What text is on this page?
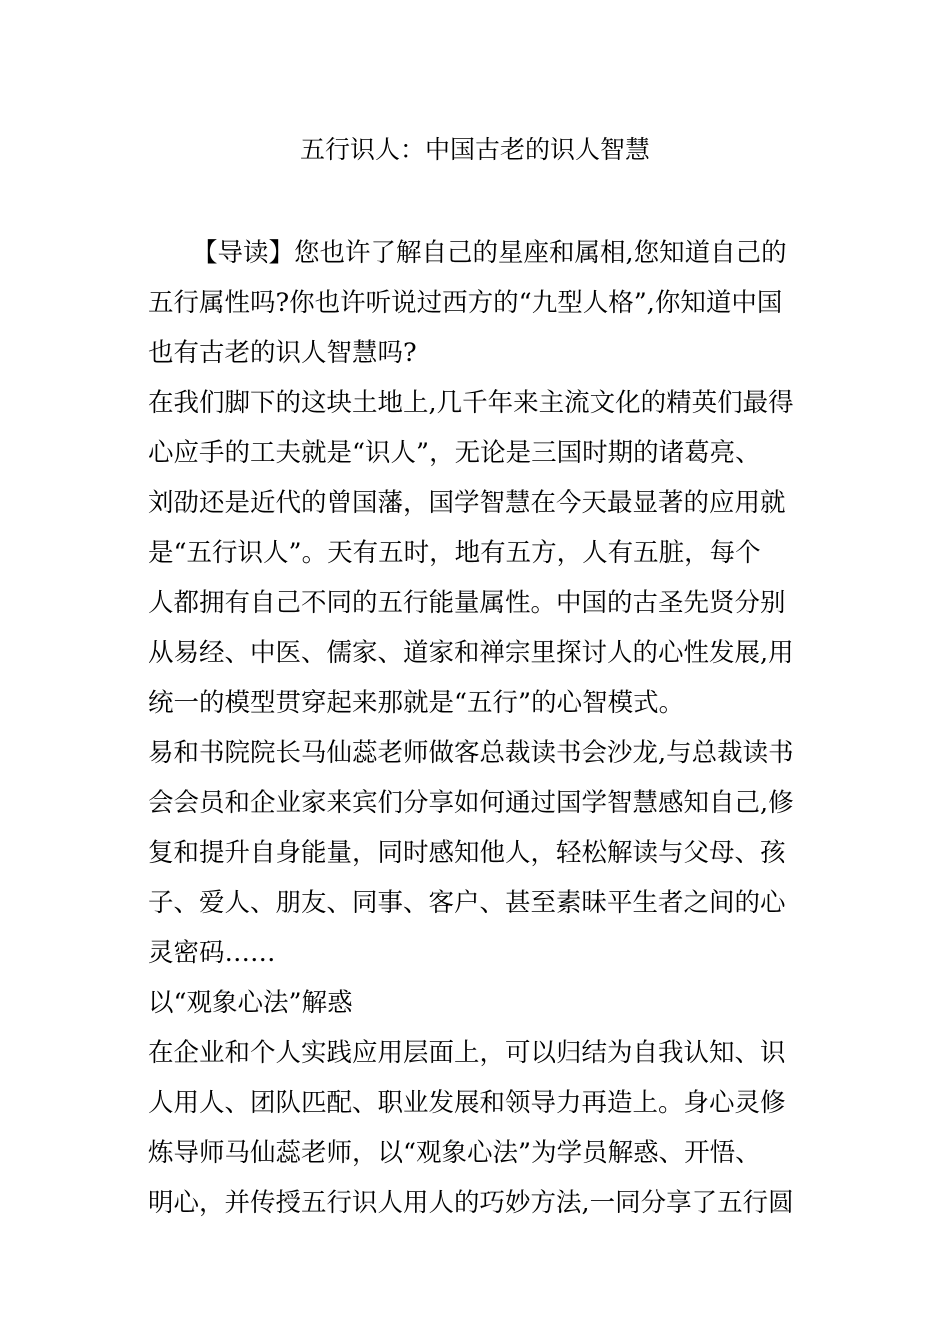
五行识人：中国古老的识人智慧
【导读】您也许了解自己的星座和属相,您知道自己的
五行属性吗?你也许听说过西方的“九型人格”,你知道中国
也有古老的识人智慧吗?
在我们脚下的这块土地上,几千年来主流文化的精英们最得
心应手的工夫就是“识人”，无论是三国时期的诸葛亮、
刘劭还是近代的曾国藩，国学智慧在今天最显著的应用就
是“五行识人”。天有五时，地有五方，人有五脏，每个
人都拥有自己不同的五行能量属性。中国的古圣先贤分别
从易经、中医、儒家、道家和禅宗里探讨人的心性发展,用
统一的模型贯穿起来那就是“五行”的心智模式。
易和书院院长马仙蕊老师做客总裁读书会沙龙,与总裁读书
会会员和企业家来宾们分享如何通过国学智慧感知自己,修
复和提升自身能量，同时感知他人，轻松解读与父母、孩
子、爱人、朋友、同事、客户、甚至素昧平生者之间的心
灵密码……
以“观象心法”解惑
在企业和个人实践应用层面上，可以归结为自我认知、识
人用人、团队匹配、职业发展和领导力再造上。身心灵修
炼导师马仙蕊老师，以“观象心法”为学员解惑、开悟、
明心，并传授五行识人用人的巧妙方法,一同分享了五行圆
